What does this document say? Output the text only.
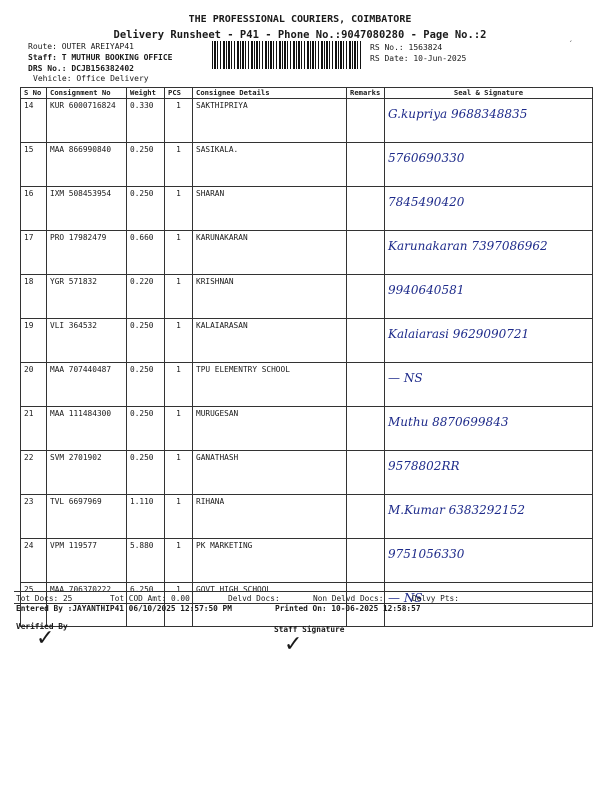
THE PROFESSIONAL COURIERS, COIMBATORE
Delivery Runsheet - P41 - Phone No.:9047080280 - Page No.:2
´
Route: OUTER AREIYAP41
Staff: T MUTHUR BOOKING OFFICE
DRS No.: DCJB156382402
Vehicle: Office Delivery
RS No.: 1563824
RS Date: 10-Jun-2025
S No	Consignment No	Weight	PCS	Consignee Details	Remarks	Seal & Signature
14	KUR 6000716824	0.330	1	SAKTHIPRIYA		G.kupriya 9688348835

15	MAA 866990840	0.250	1	SASIKALA.		5760690330

16	IXM 508453954	0.250	1	SHARAN		7845490420

17	PRO 17982479	0.660	1	KARUNAKARAN		Karunakaran 7397086962

18	YGR 571832	0.220	1	KRISHNAN		9940640581

19	VLI 364532	0.250	1	KALAIARASAN		Kalaiarasi 9629090721

20	MAA 707440487	0.250	1	TPU ELEMENTRY SCHOOL		— NS

21	MAA 111484300	0.250	1	MURUGESAN		Muthu 8870699843

22	SVM 2701902	0.250	1	GANATHASH		9578802RR

23	TVL 6697969	1.110	1	RIHANA		M.Kumar 6383292152

24	VPM 119577	5.880	1	PK MARKETING		9751056330

25	MAA 706370222	6.250	1	GOVT HIGH SCHOOL		— NS
Tot Docs: 25	Tot COD Amt: 0.00	Delvd Docs:	Non Delvd Docs:	Delvy Pts:
Entered By :JAYANTHIP41 06/10/2025 12:57:50 PM	Printed On: 10-06-2025 12:58:57
Verified By
✓	Staff Signature
✓
